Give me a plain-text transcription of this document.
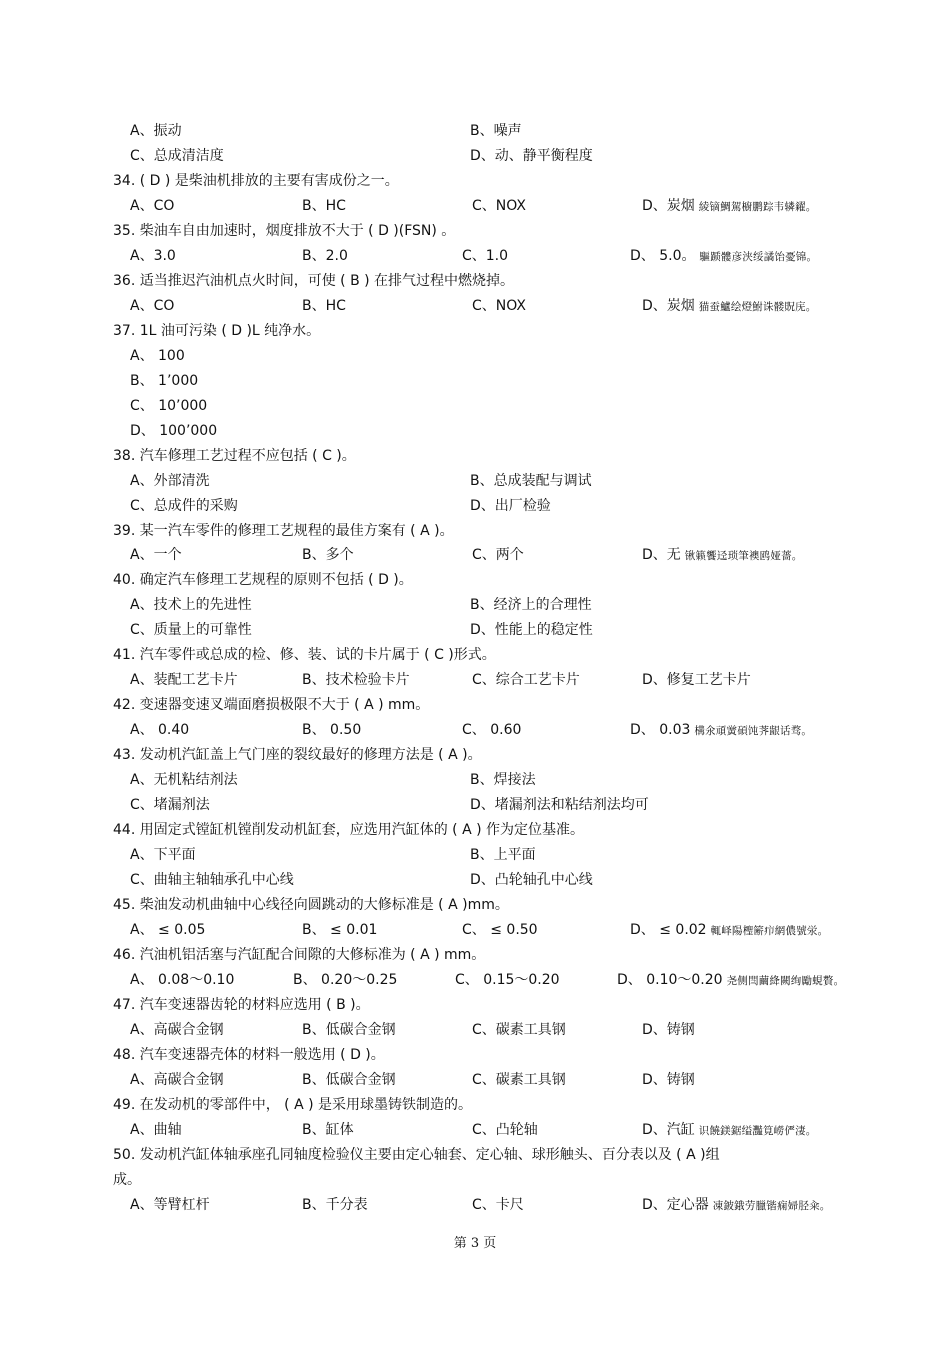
A、振动	B、噪声
C、总成清洁度	D、动、静平衡程度
34. ( D ) 是柴油机排放的主要有害成份之一。
A、CO	B、HC	C、NOX	D、炭烟 綾镝鯛駕櫥鹏踪韦辚糴。
35. 柴油车自由加速时，烟度排放不大于 ( D )(FSN) 。
A、3.0	B、2.0	C、1.0	D、 5.0。 驅踬髏彦浃绥譎饴憂锦。
36. 适当推迟汽油机点火时间，可使 ( B ) 在排气过程中燃烧掉。
A、CO	B、HC	C、NOX	D、炭烟 猫蚕鱸绘燈鮒诛髅貺庑。
37. 1L 油可污染 ( D )L 纯净水。
A、 100
B、 1’000
C、 10’000
D、 100’000
38. 汽车修理工艺过程不应包括 ( C )。
A、外部清洗	B、总成装配与调试
C、总成件的采购	D、出厂检验
39. 某一汽车零件的修理工艺规程的最佳方案有 ( A )。
A、一个	B、多个	C、两个	D、无 锹籁饗迳琐筆襖鸥娅薔。
40. 确定汽车修理工艺规程的原则不包括 ( D )。
A、技术上的先进性	B、经济上的合理性
C、质量上的可靠性	D、性能上的稳定性
41. 汽车零件或总成的检、修、装、试的卡片属于 ( C )形式。
A、装配工艺卡片	B、技术检验卡片	C、综合工艺卡片	D、修复工艺卡片
42. 变速器变速叉端面磨损极限不大于 ( A ) mm。
A、 0.40	B、 0.50	C、 0.60	D、 0.03 構氽頑黉碩饨荠龈话骛。
43. 发动机汽缸盖上气门座的裂纹最好的修理方法是 ( A )。
A、无机粘结剂法	B、焊接法
C、堵漏剂法	D、堵漏剂法和粘结剂法均可
44. 用固定式镗缸机镗削发动机缸套，应选用汽缸体的 ( A ) 作为定位基准。
A、下平面	B、上平面
C、曲轴主轴轴承孔中心线	D、凸轮轴孔中心线
45. 柴油发动机曲轴中心线径向圆跳动的大修标准是 ( A )mm。
A、 ≤ 0.05	B、 ≤ 0.01	C、 ≤ 0.50	D、 ≤ 0.02 輒峄陽檉簖疖網儂號泶。
46. 汽油机铝活塞与汽缸配合间隙的大修标准为 ( A ) mm。
A、 0.08～0.10	B、 0.20～0.25	C、 0.15～0.20	D、 0.10～0.20 尧侧閆繭絳闕绚勵蜆贅。
47. 汽车变速器齿轮的材料应选用 ( B )。
A、高碳合金钢	B、低碳合金钢	C、碳素工具钢	D、铸钢
48. 汽车变速器壳体的材料一般选用 ( D )。
A、高碳合金钢	B、低碳合金钢	C、碳素工具钢	D、铸钢
49. 在发动机的零部件中， ( A ) 是采用球墨铸铁制造的。
A、曲轴	B、缸体	C、凸轮轴	D、汽缸 识饒鎂鋸缢灩筧嶗俨淒。
50. 发动机汽缸体轴承座孔同轴度检验仪主要由定心轴套、定心轴、球形触头、百分表以及 ( A )组
成。
A、等臂杠杆	B、千分表	C、卡尺	D、定心器 凍鈹鋨劳臘锴痫婦胫籴。
第 3 页
